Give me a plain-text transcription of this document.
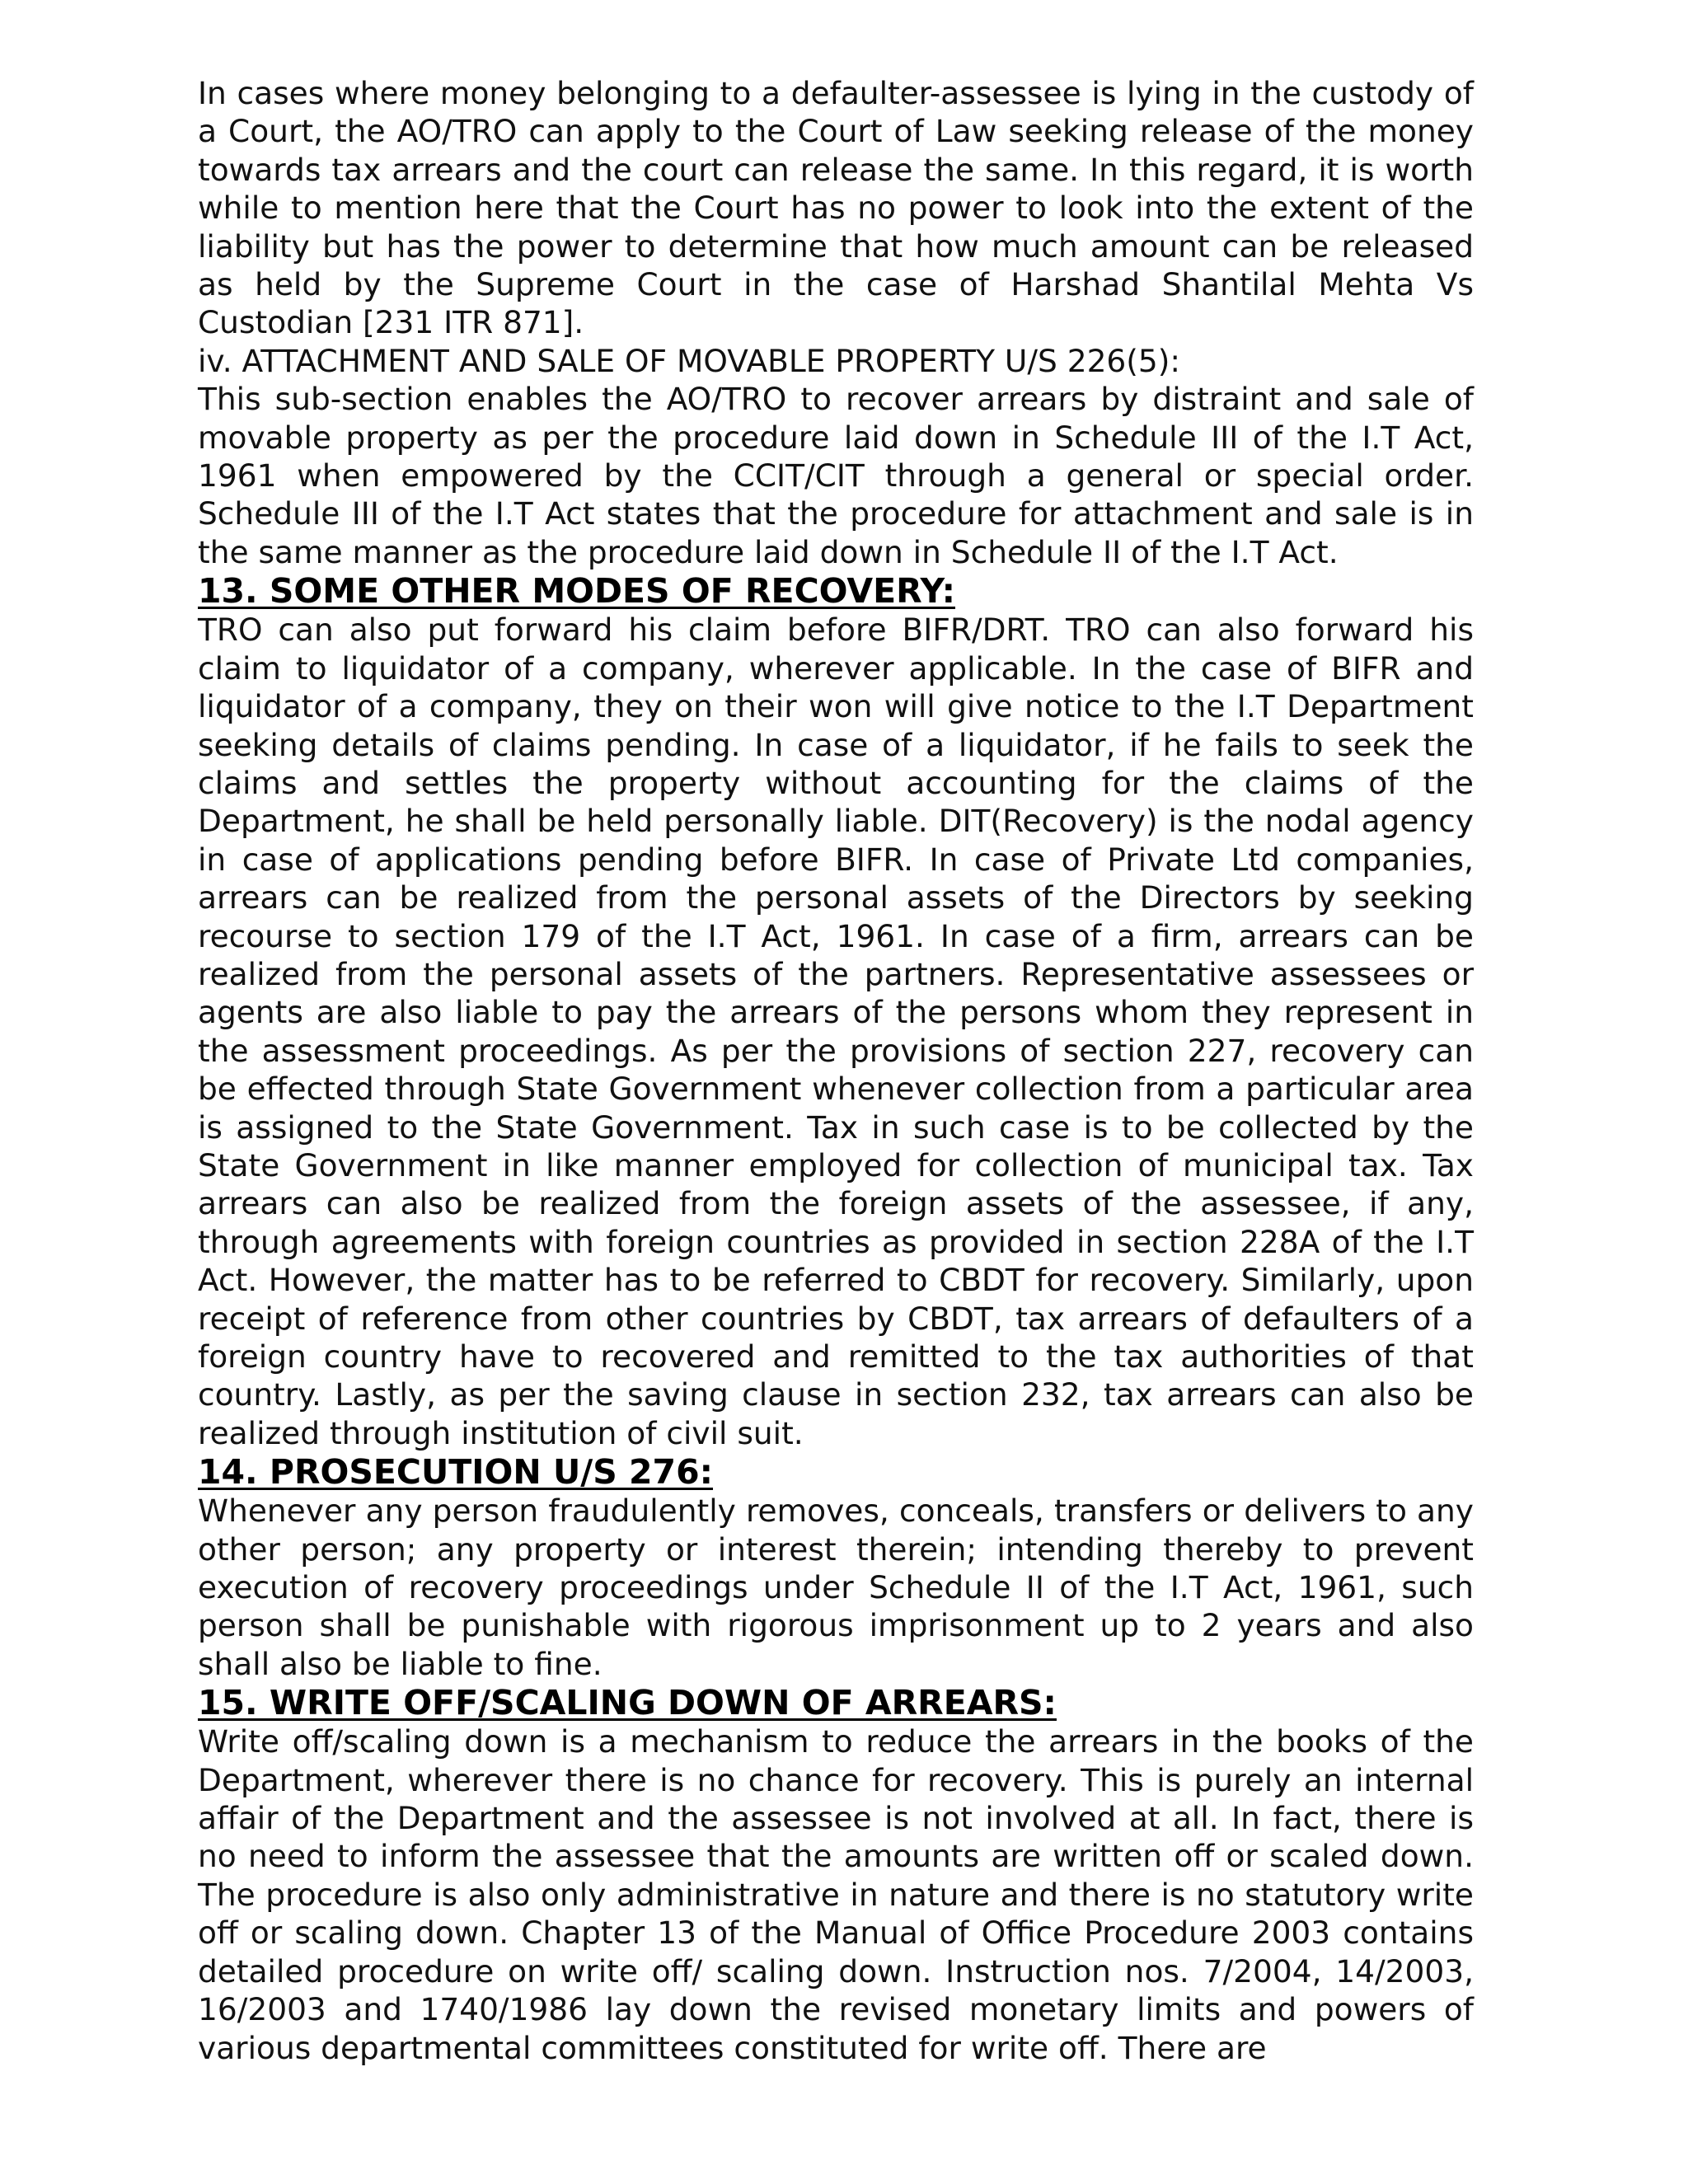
In cases where money belonging to a defaulter-assessee is lying in the custody of a Court, the AO/TRO can apply to the Court of Law seeking release of the money towards tax arrears and the court can release the same. In this regard, it is worth while to mention here that the Court has no power to look into the extent of the liability but has the power to determine that how much amount can be released as held by the Supreme Court in the case of Harshad Shantilal Mehta Vs Custodian [231 ITR 871].

iv. ATTACHMENT AND SALE OF MOVABLE PROPERTY U/S 226(5):

This sub-section enables the AO/TRO to recover arrears by distraint and sale of movable property as per the procedure laid down in Schedule III of the I.T Act, 1961 when empowered by the CCIT/CIT through a general or special order. Schedule III of the I.T Act states that the procedure for attachment and sale is in the same manner as the procedure laid down in Schedule II of the I.T Act.

13. SOME OTHER MODES OF RECOVERY:

TRO can also put forward his claim before BIFR/DRT. TRO can also forward his claim to liquidator of a company, wherever applicable. In the case of BIFR and liquidator of a company, they on their won will give notice to the I.T Department seeking details of claims pending. In case of a liquidator, if he fails to seek the claims and settles the property without accounting for the claims of the Department, he shall be held personally liable. DIT(Recovery) is the nodal agency in case of applications pending before BIFR. In case of Private Ltd companies, arrears can be realized from the personal assets of the Directors by seeking recourse to section 179 of the I.T Act, 1961. In case of a firm, arrears can be realized from the personal assets of the partners. Representative assessees or agents are also liable to pay the arrears of the persons whom they represent in the assessment proceedings. As per the provisions of section 227, recovery can be effected through State Government whenever collection from a particular area is assigned to the State Government. Tax in such case is to be collected by the State Government in like manner employed for collection of municipal tax. Tax arrears can also be realized from the foreign assets of the assessee, if any, through agreements with foreign countries as provided in section 228A of the I.T Act. However, the matter has to be referred to CBDT for recovery. Similarly, upon receipt of reference from other countries by CBDT, tax arrears of defaulters of a foreign country have to recovered and remitted to the tax authorities of that country. Lastly, as per the saving clause in section 232, tax arrears can also be realized through institution of civil suit.

14. PROSECUTION U/S 276:

Whenever any person fraudulently removes, conceals, transfers or delivers to any other person; any property or interest therein; intending thereby to prevent execution of recovery proceedings under Schedule II of the I.T Act, 1961, such person shall be punishable with rigorous imprisonment up to 2 years and also shall also be liable to fine.

15. WRITE OFF/SCALING DOWN OF ARREARS:

Write off/scaling down is a mechanism to reduce the arrears in the books of the Department, wherever there is no chance for recovery. This is purely an internal affair of the Department and the assessee is not involved at all. In fact, there is no need to inform the assessee that the amounts are written off or scaled down. The procedure is also only administrative in nature and there is no statutory write off or scaling down. Chapter 13 of the Manual of Office Procedure 2003 contains detailed procedure on write off/ scaling down. Instruction nos. 7/2004, 14/2003, 16/2003 and 1740/1986 lay down the revised monetary limits and powers of various departmental committees constituted for write off. There are
